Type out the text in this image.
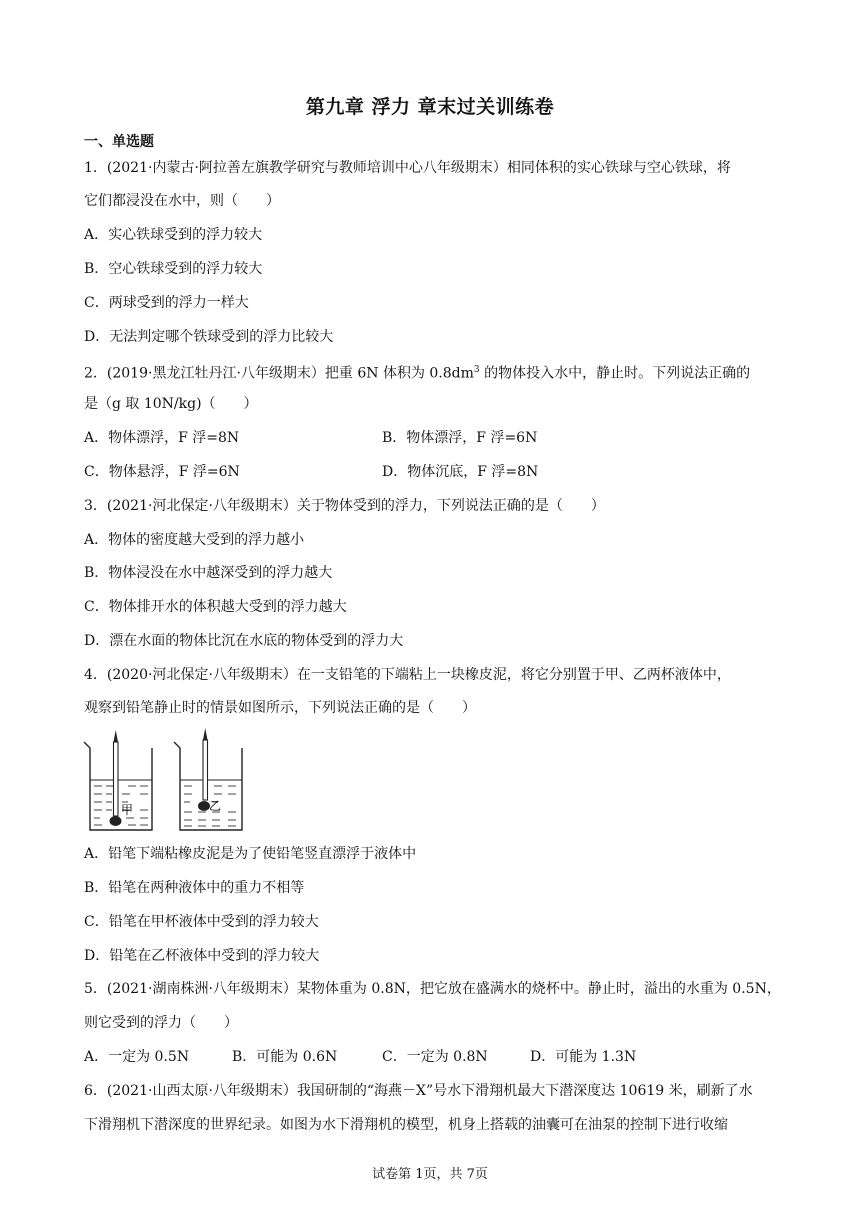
第九章 浮力 章末过关训练卷
一、单选题
1．(2021·内蒙古·阿拉善左旗教学研究与教师培训中心八年级期末）相同体积的实心铁球与空心铁球，将
它们都浸没在水中，则（　　）
A．实心铁球受到的浮力较大
B．空心铁球受到的浮力较大
C．两球受到的浮力一样大
D．无法判定哪个铁球受到的浮力比较大
2．(2019·黑龙江牡丹江·八年级期末）把重 6N 体积为 $0.8dm^3$ 的物体投入水中，静止时。下列说法正确的
是（g 取 10N/kg)（　　）
A．物体漂浮，F 浮=8N	B．物体漂浮，F 浮=6N
C．物体悬浮，F 浮=6N	D．物体沉底，F 浮=8N
3．(2021·河北保定·八年级期末）关于物体受到的浮力，下列说法正确的是（　　）
A．物体的密度越大受到的浮力越小
B．物体浸没在水中越深受到的浮力越大
C．物体排开水的体积越大受到的浮力越大
D．漂在水面的物体比沉在水底的物体受到的浮力大
4．(2020·河北保定·八年级期末）在一支铅笔的下端粘上一块橡皮泥，将它分别置于甲、乙两杯液体中，
观察到铅笔静止时的情景如图所示，下列说法正确的是（　　）
甲	乙
A．铅笔下端粘橡皮泥是为了使铅笔竖直漂浮于液体中
B．铅笔在两种液体中的重力不相等
C．铅笔在甲杯液体中受到的浮力较大
D．铅笔在乙杯液体中受到的浮力较大
5．(2021·湖南株洲·八年级期末）某物体重为 0.8N，把它放在盛满水的烧杯中。静止时，溢出的水重为 0.5N，
则它受到的浮力（　　）
A．一定为 0.5N	B．可能为 0.6N	C．一定为 0.8N	D．可能为 1.3N
6．(2021·山西太原·八年级期末）我国研制的“海燕－X”号水下滑翔机最大下潜深度达 10619 米，刷新了水
下滑翔机下潜深度的世界纪录。如图为水下滑翔机的模型，机身上搭载的油囊可在油泵的控制下进行收缩
试卷第 1页，共 7页
